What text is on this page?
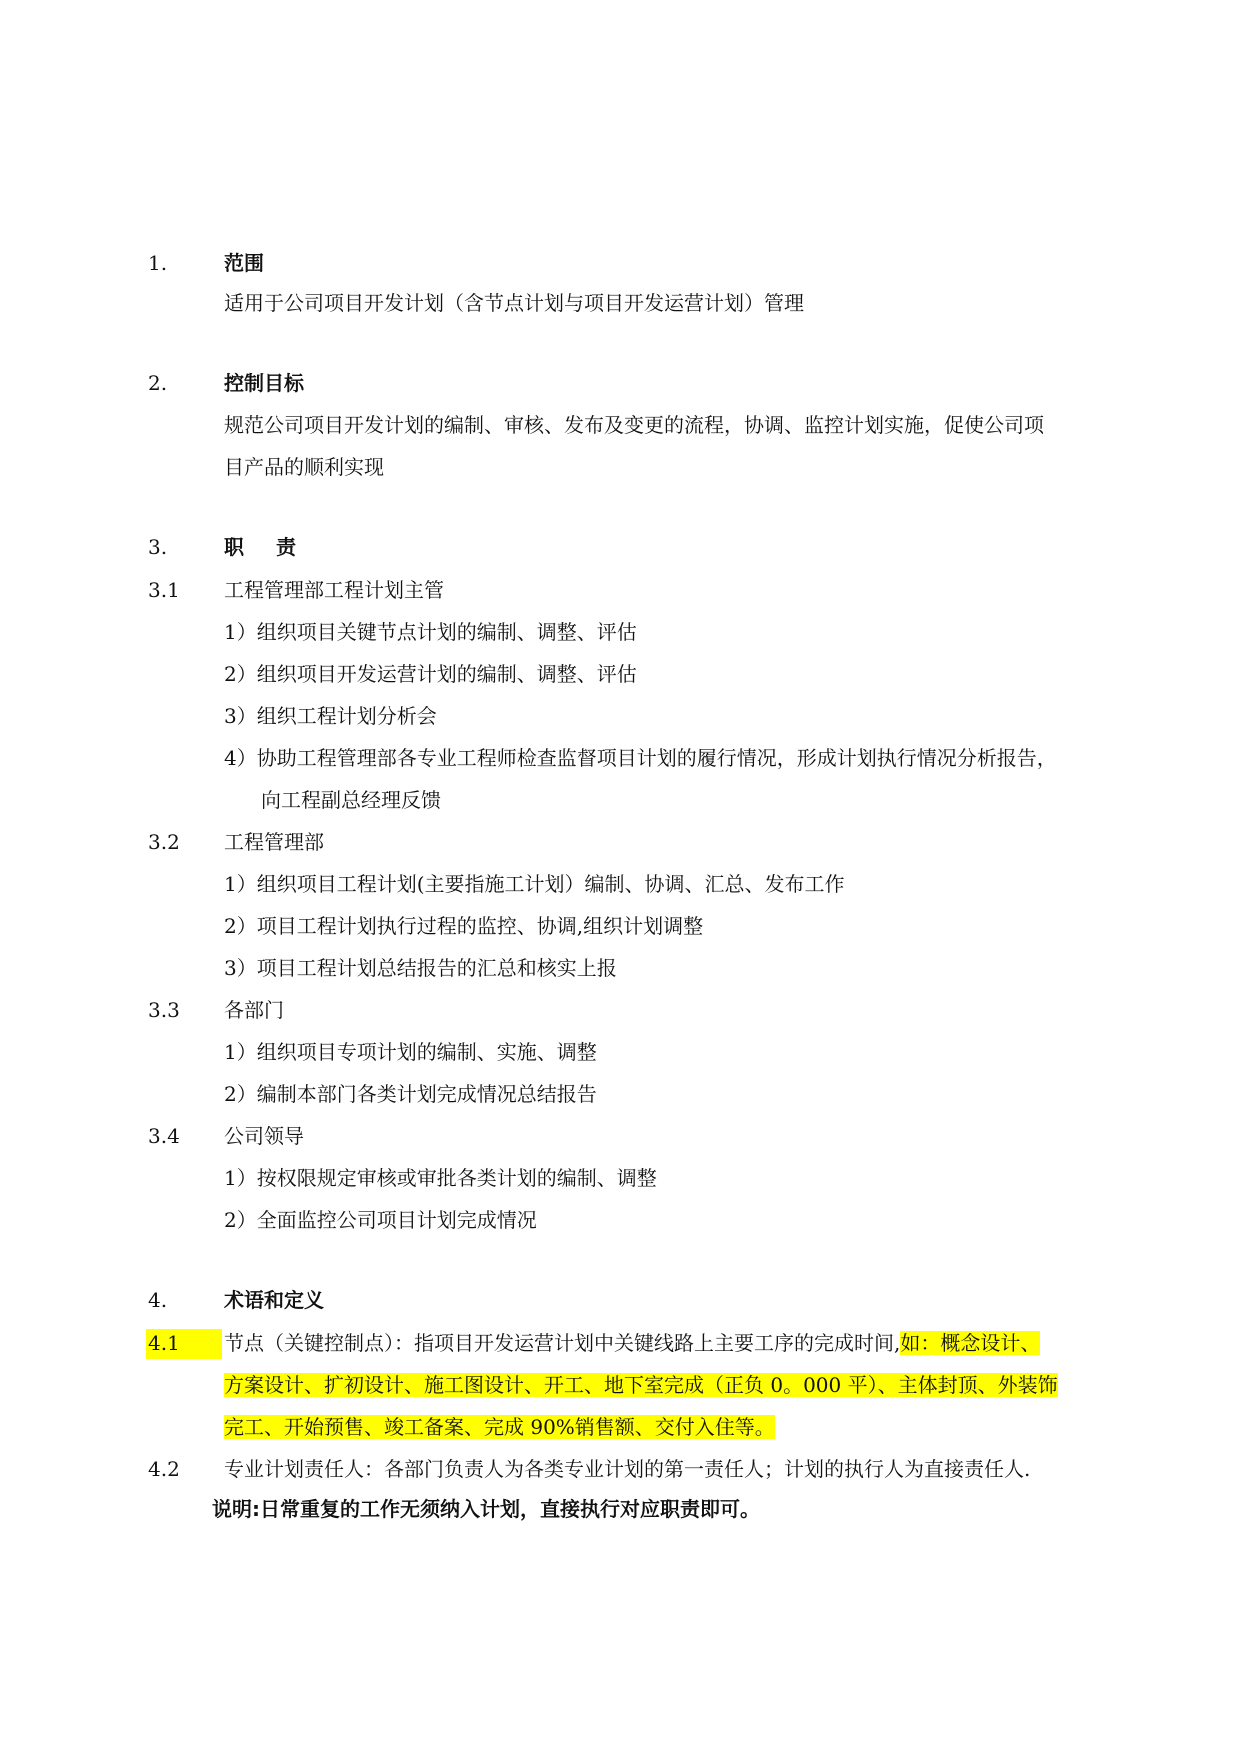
1.	范围
适用于公司项目开发计划（含节点计划与项目开发运营计划）管理
2.	控制目标
规范公司项目开发计划的编制、审核、发布及变更的流程，协调、监控计划实施，促使公司项
目产品的顺利实现
3.	职责
3.1 工程管理部工程计划主管
1）组织项目关键节点计划的编制、调整、评估
2）组织项目开发运营计划的编制、调整、评估
3）组织工程计划分析会
4）协助工程管理部各专业工程师检查监督项目计划的履行情况，形成计划执行情况分析报告，
向工程副总经理反馈
3.2 工程管理部
1）组织项目工程计划(主要指施工计划）编制、协调、汇总、发布工作
2）项目工程计划执行过程的监控、协调,组织计划调整
3）项目工程计划总结报告的汇总和核实上报
3.3 各部门
1）组织项目专项计划的编制、实施、调整
2）编制本部门各类计划完成情况总结报告
3.4 公司领导
1）按权限规定审核或审批各类计划的编制、调整
2）全面监控公司项目计划完成情况
4.	术语和定义
4.1 节点（关键控制点）：指项目开发运营计划中关键线路上主要工序的完成时间,如：概念设计、
方案设计、扩初设计、施工图设计、开工、地下室完成（正负 0。000 平）、主体封顶、外装饰
完工、开始预售、竣工备案、完成 90%销售额、交付入住等。
4.2 专业计划责任人：各部门负责人为各类专业计划的第一责任人；计划的执行人为直接责任人.
说明:日常重复的工作无须纳入计划，直接执行对应职责即可。
